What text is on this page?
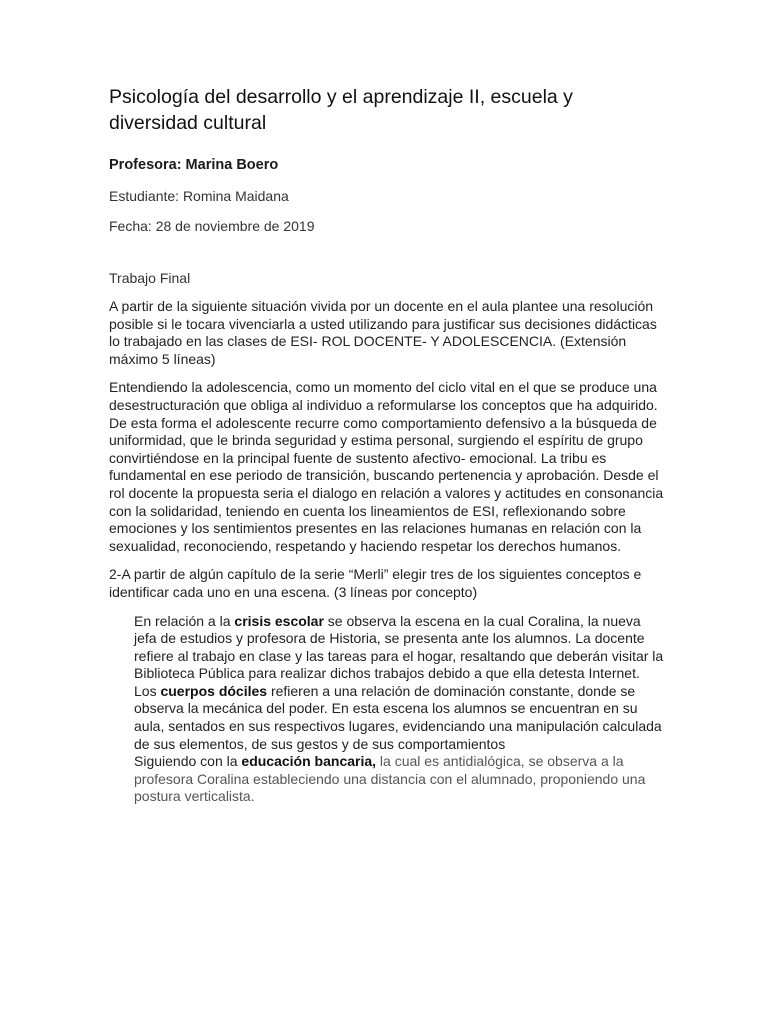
Psicología del desarrollo y el aprendizaje II, escuela y diversidad cultural
Profesora: Marina Boero
Estudiante: Romina Maidana
Fecha: 28 de noviembre de 2019
Trabajo Final

A partir de la siguiente situación vivida por un docente en el aula plantee una resolución posible si le tocara vivenciarla a usted utilizando para justificar sus decisiones didácticas lo trabajado en las clases de ESI- ROL DOCENTE- Y ADOLESCENCIA. (Extensión máximo 5 líneas)

Entendiendo la adolescencia, como un momento del ciclo vital en el que se produce una desestructuración que obliga al individuo a reformularse los conceptos que ha adquirido. De esta forma el adolescente recurre como comportamiento defensivo a la búsqueda de uniformidad, que le brinda seguridad y estima personal, surgiendo el espíritu de grupo convirtiéndose en la principal fuente de sustento afectivo- emocional. La tribu es fundamental en ese periodo de transición, buscando pertenencia y aprobación. Desde el rol docente la propuesta seria el dialogo en relación a valores y actitudes en consonancia con la solidaridad, teniendo en cuenta los lineamientos de ESI, reflexionando sobre emociones y los sentimientos presentes en las relaciones humanas en relación con la sexualidad, reconociendo, respetando y haciendo respetar los derechos humanos.

2-A partir de algún capítulo de la serie “Merli” elegir tres de los siguientes conceptos e identificar cada uno en una escena. (3 líneas por concepto)

En relación a la crisis escolar se observa la escena en la cual Coralina, la nueva jefa de estudios y profesora de Historia, se presenta ante los alumnos. La docente refiere al trabajo en clase y las tareas para el hogar, resaltando que deberán visitar la Biblioteca Pública para realizar dichos trabajos debido a que ella detesta Internet.

Los cuerpos dóciles refieren a una relación de dominación constante, donde se observa la mecánica del poder. En esta escena los alumnos se encuentran en su aula, sentados en sus respectivos lugares, evidenciando una manipulación calculada de sus elementos, de sus gestos y de sus comportamientos

Siguiendo con la educación bancaria, la cual es antidialógica, se observa a la profesora Coralina estableciendo una distancia con el alumnado, proponiendo una postura verticalista.
